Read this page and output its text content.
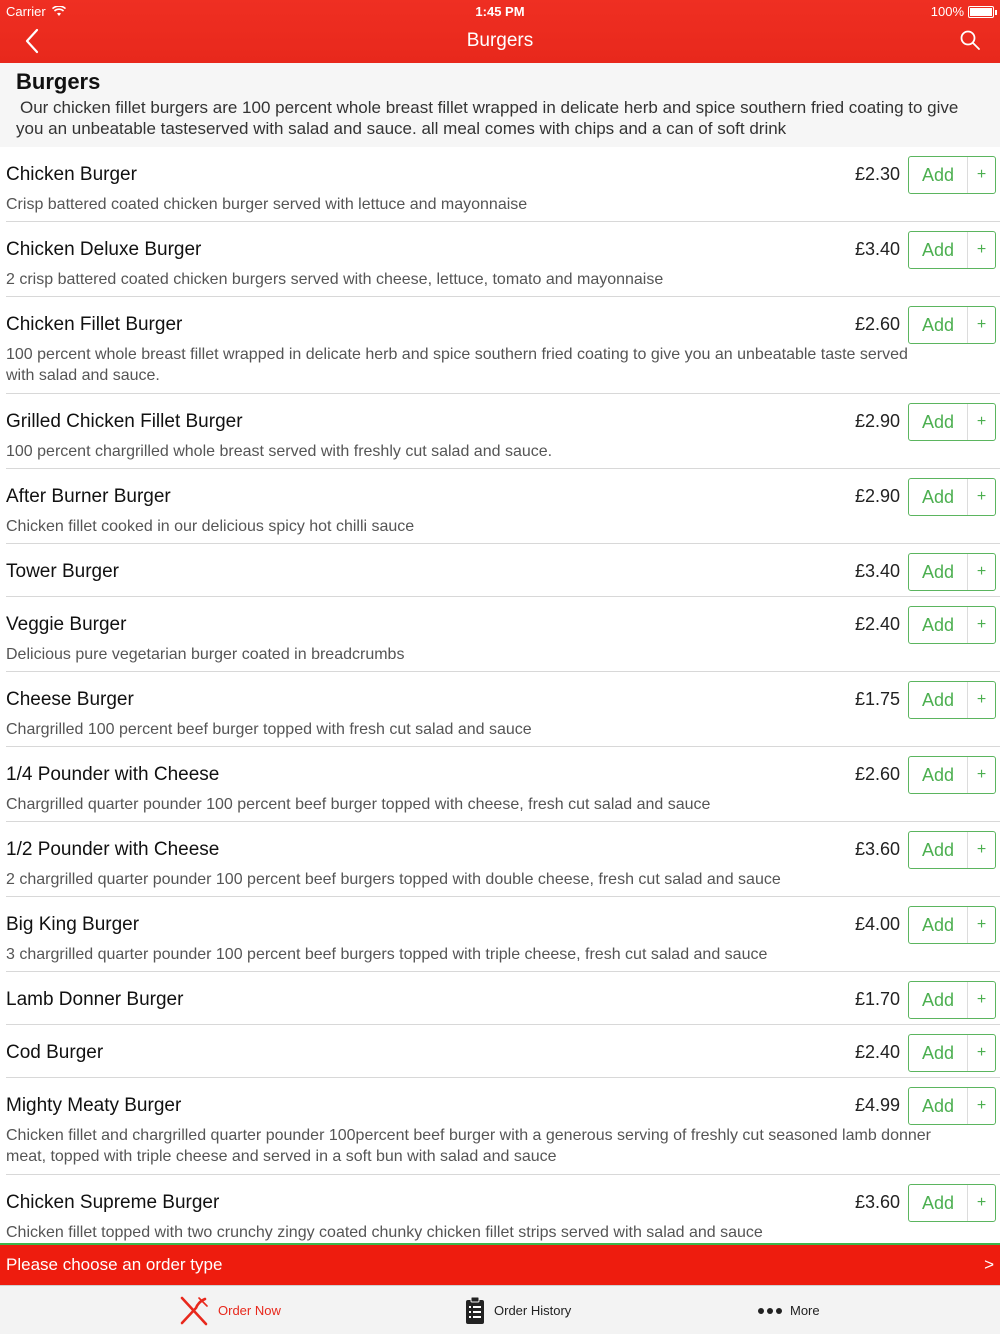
Carrier	1:45 PM	100%
Burgers
Burgers

Our chicken fillet burgers are 100 percent whole breast fillet wrapped in delicate herb and spice southern fried coating to give you an unbeatable tasteserved with salad and sauce. all meal comes with chips and a can of soft drink

Chicken Burger
Crisp battered coated chicken burger served with lettuce and mayonnaise
£2.30	Add	+
Chicken Deluxe Burger
2 crisp battered coated chicken burgers served with cheese, lettuce, tomato and mayonnaise
£3.40	Add	+
Chicken Fillet Burger
100 percent whole breast fillet wrapped in delicate herb and spice southern fried coating to give you an unbeatable taste served with salad and sauce.
£2.60	Add	+
Grilled Chicken Fillet Burger
100 percent chargrilled whole breast served with freshly cut salad and sauce.
£2.90	Add	+
After Burner Burger
Chicken fillet cooked in our delicious spicy hot chilli sauce
£2.90	Add	+
Tower Burger	£3.40	Add	+
Veggie Burger
Delicious pure vegetarian burger coated in breadcrumbs
£2.40	Add	+
Cheese Burger
Chargrilled 100 percent beef burger topped with fresh cut salad and sauce
£1.75	Add	+
1/4 Pounder with Cheese
Chargrilled quarter pounder 100 percent beef burger topped with cheese, fresh cut salad and sauce
£2.60	Add	+
1/2 Pounder with Cheese
2 chargrilled quarter pounder 100 percent beef burgers topped with double cheese, fresh cut salad and sauce
£3.60	Add	+
Big King Burger
3 chargrilled quarter pounder 100 percent beef burgers topped with triple cheese, fresh cut salad and sauce
£4.00	Add	+
Lamb Donner Burger	£1.70	Add	+
Cod Burger	£2.40	Add	+
Mighty Meaty Burger
Chicken fillet and chargrilled quarter pounder 100percent beef burger with a generous serving of freshly cut seasoned lamb donner meat, topped with triple cheese and served in a soft bun with salad and sauce
£4.99	Add	+
Chicken Supreme Burger
Chicken fillet topped with two crunchy zingy coated chunky chicken fillet strips served with salad and sauce
£3.60	Add	+
Please choose an order type	>
Order Now	Order History	More
